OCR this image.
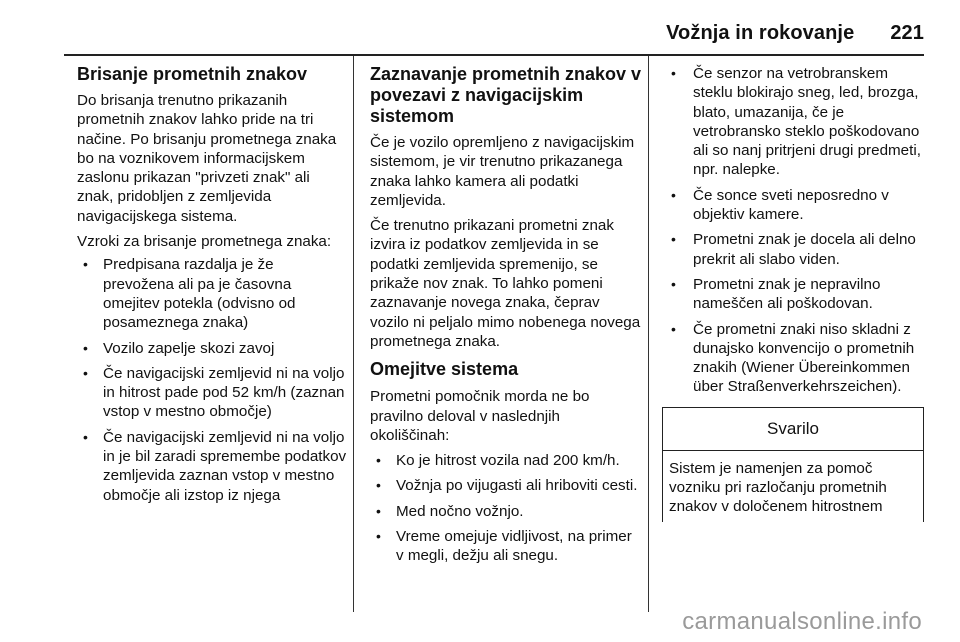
Vožnja in rokovanje 221
Brisanje prometnih znakov

Do brisanja trenutno prikazanih prometnih znakov lahko pride na tri načine. Po brisanju prometnega znaka bo na voznikovem informacijskem zaslonu prikazan "privzeti znak" ali znak, pridobljen z zemljevida navigacijskega sistema.

Vzroki za brisanje prometnega znaka:

• Predpisana razdalja je že prevožena ali pa je časovna omejitev potekla (odvisno od posameznega znaka)
• Vozilo zapelje skozi zavoj
• Če navigacijski zemljevid ni na voljo in hitrost pade pod 52 km/h (zaznan vstop v mestno območje)
• Če navigacijski zemljevid ni na voljo in je bil zaradi spremembe podatkov zemljevida zaznan vstop v mestno območje ali izstop iz njega
Zaznavanje prometnih znakov v povezavi z navigacijskim sistemom

Če je vozilo opremljeno z navigacijskim sistemom, je vir trenutno prikazanega znaka lahko kamera ali podatki zemljevida.

Če trenutno prikazani prometni znak izvira iz podatkov zemljevida in se podatki zemljevida spremenijo, se prikaže nov znak. To lahko pomeni zaznavanje novega znaka, čeprav vozilo ni peljalo mimo nobenega novega prometnega znaka.

Omejitve sistema

Prometni pomočnik morda ne bo pravilno deloval v naslednjih okoliščinah:

• Ko je hitrost vozila nad 200 km/h.
• Vožnja po vijugasti ali hriboviti cesti.
• Med nočno vožnjo.
• Vreme omejuje vidljivost, na primer v megli, dežju ali snegu.
• Če senzor na vetrobranskem steklu blokirajo sneg, led, brozga, blato, umazanija, če je vetrobransko steklo poškodovano ali so nanj pritrjeni drugi predmeti, npr. nalepke.
• Če sonce sveti neposredno v objektiv kamere.
• Prometni znak je docela ali delno prekrit ali slabo viden.
• Prometni znak je nepravilno nameščen ali poškodovan.
• Če prometni znaki niso skladni z dunajsko konvencijo o prometnih znakih (Wiener Übereinkommen über Straßenverkehrszeichen).
Svarilo
Sistem je namenjen za pomoč vozniku pri razločanju prometnih znakov v določenem hitrostnem
carmanualsonline.info
